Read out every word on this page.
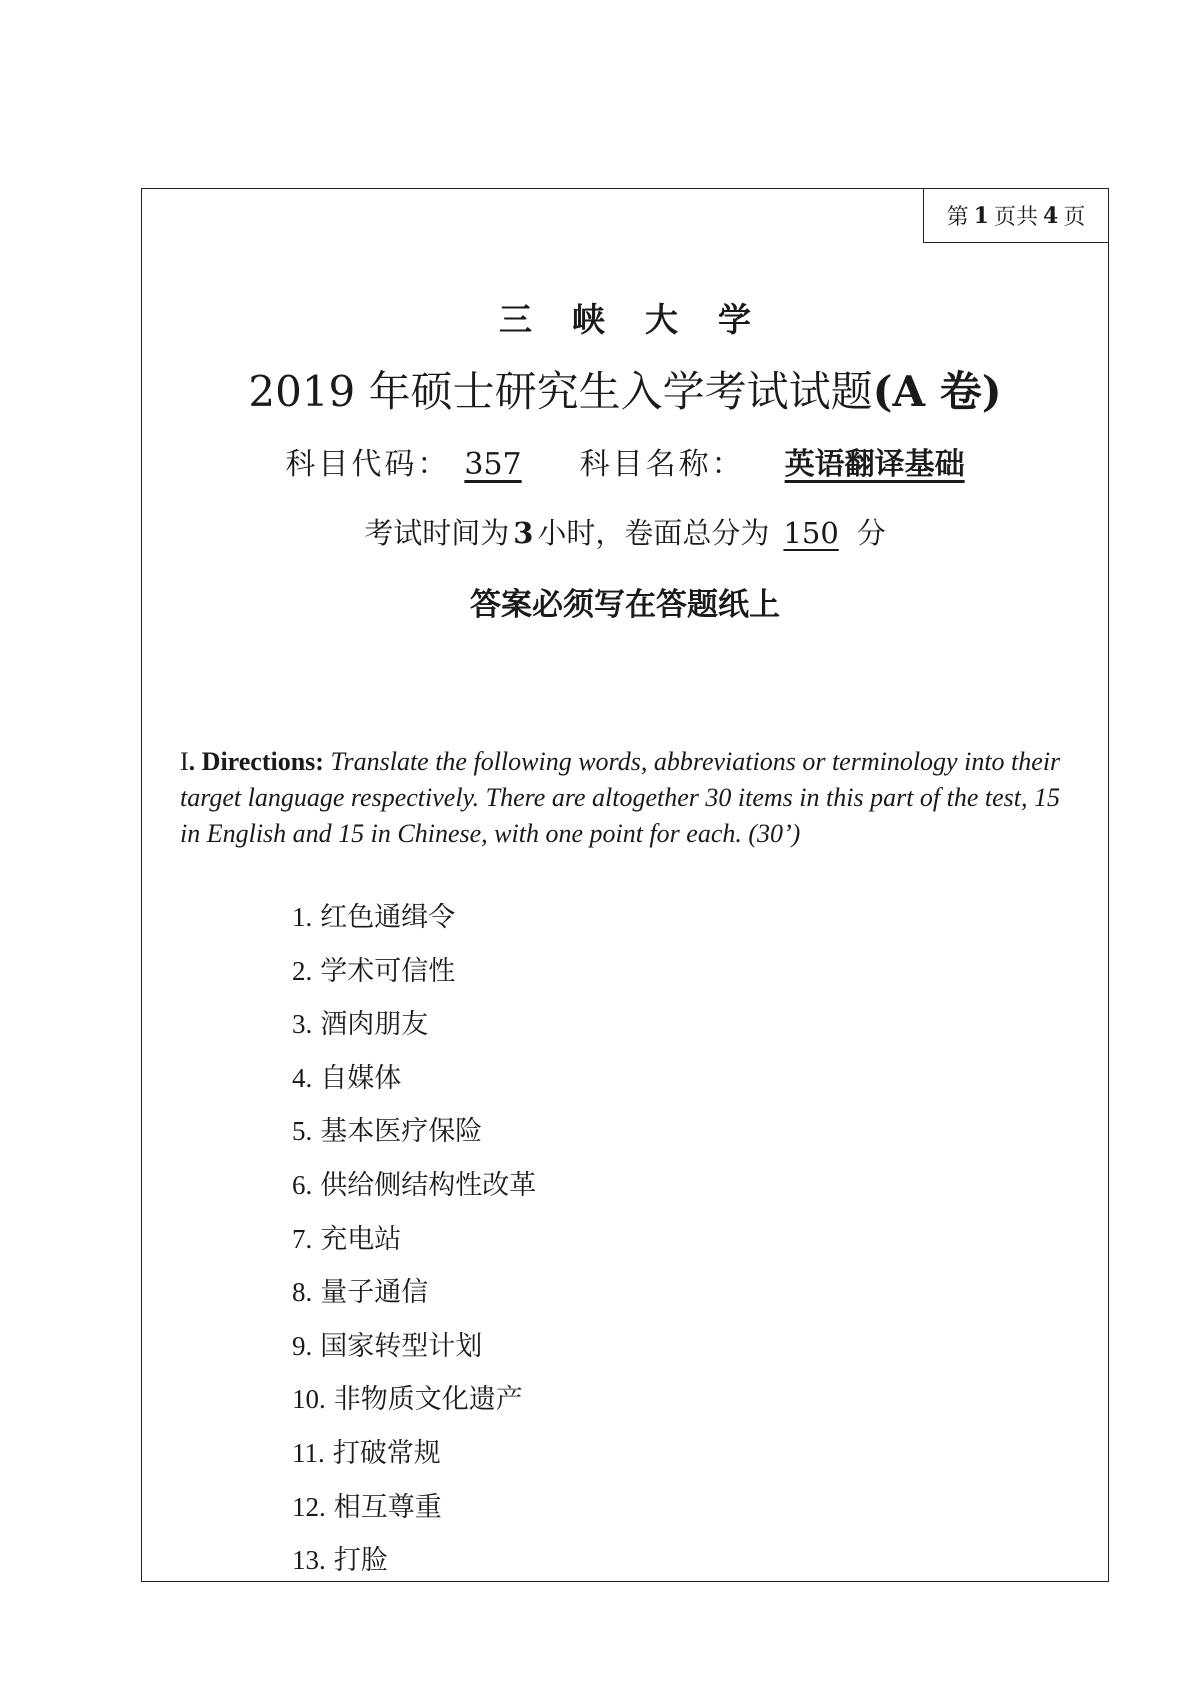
第 1 页共 4 页
三峡大学
2019 年硕士研究生入学考试试题(A 卷)
科目代码： 357 科目名称： 英语翻译基础
考试时间为 3 小时，卷面总分为 150 分
答案必须写在答题纸上
I. Directions: Translate the following words, abbreviations or terminology into their target language respectively. There are altogether 30 items in this part of the test, 15 in English and 15 in Chinese, with one point for each. (30’)
1. 红色通缉令
2. 学术可信性
3. 酒肉朋友
4. 自媒体
5. 基本医疗保险
6. 供给侧结构性改革
7. 充电站
8. 量子通信
9. 国家转型计划
10. 非物质文化遗产
11. 打破常规
12. 相互尊重
13. 打脸
